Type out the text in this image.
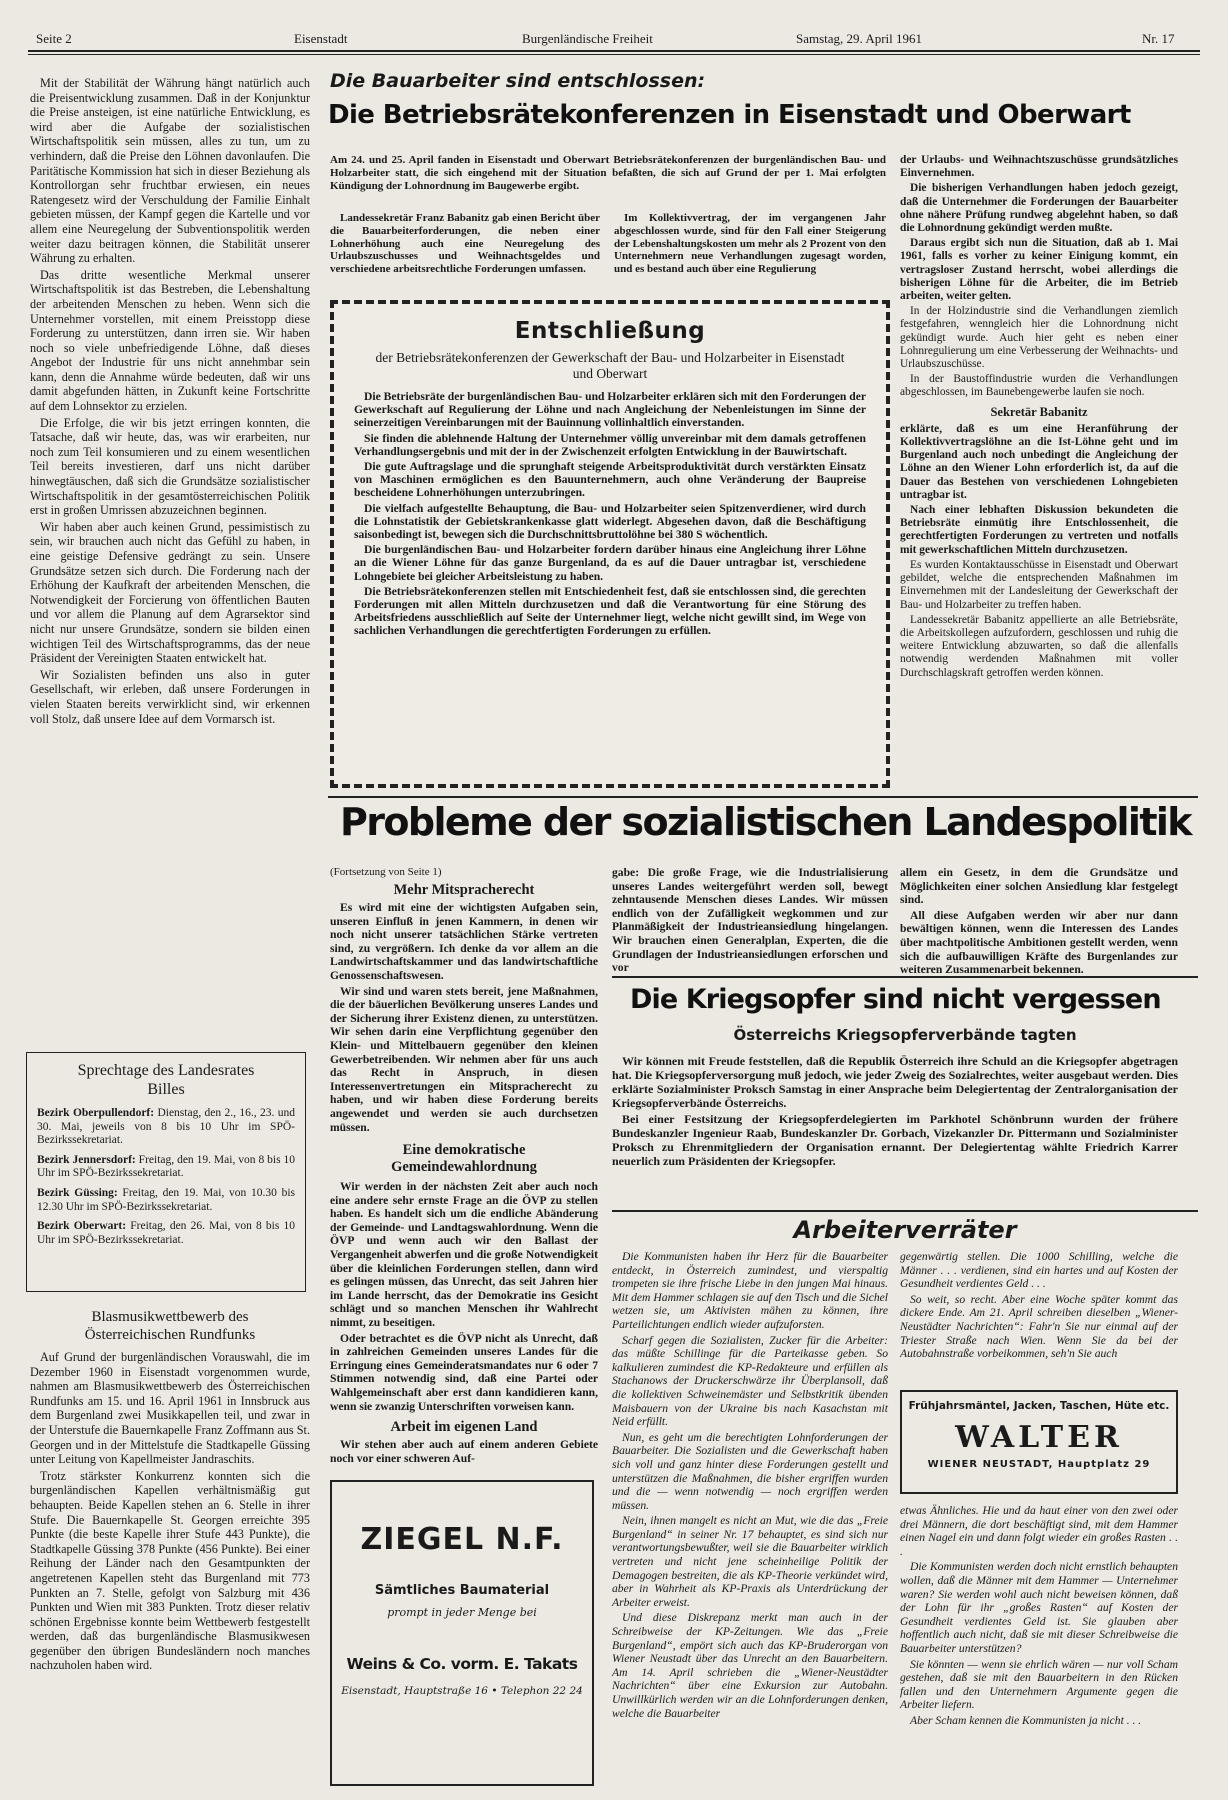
Seite 2	Eisenstadt	Burgenländische Freiheit	Samstag, 29. April 1961	Nr. 17

Mit der Stabilität der Währung hängt natürlich auch die Preisentwicklung zusammen. Daß in der Konjunktur die Preise ansteigen, ist eine natürliche Entwicklung, es wird aber die Aufgabe der sozialistischen Wirtschaftspolitik sein müssen, alles zu tun, um zu verhindern, daß die Preise den Löhnen davonlaufen. Die Paritätische Kommission hat sich in dieser Beziehung als Kontrollorgan sehr fruchtbar erwiesen, ein neues Ratengesetz wird der Verschuldung der Familie Einhalt gebieten müssen, der Kampf gegen die Kartelle und vor allem eine Neuregelung der Subventionspolitik werden weiter dazu beitragen können, die Stabilität unserer Währung zu erhalten.

Das dritte wesentliche Merkmal unserer Wirtschaftspolitik ist das Bestreben, die Lebenshaltung der arbeitenden Menschen zu heben. Wenn sich die Unternehmer vorstellen, mit einem Preisstopp diese Forderung zu unterstützen, dann irren sie. Wir haben noch so viele unbefriedigende Löhne, daß dieses Angebot der Industrie für uns nicht annehmbar sein kann, denn die Annahme würde bedeuten, daß wir uns damit abgefunden hätten, in Zukunft keine Fortschritte auf dem Lohnsektor zu erzielen.

Die Erfolge, die wir bis jetzt erringen konnten, die Tatsache, daß wir heute, das, was wir erarbeiten, nur noch zum Teil konsumieren und zu einem wesentlichen Teil bereits investieren, darf uns nicht darüber hinwegtäuschen, daß sich die Grundsätze sozialistischer Wirtschaftspolitik in der gesamtösterreichischen Politik erst in großen Umrissen abzuzeichnen beginnen.

Wir haben aber auch keinen Grund, pessimistisch zu sein, wir brauchen auch nicht das Gefühl zu haben, in eine geistige Defensive gedrängt zu sein. Unsere Grundsätze setzen sich durch. Die Forderung nach der Erhöhung der Kaufkraft der arbeitenden Menschen, die Notwendigkeit der Forcierung von öffentlichen Bauten und vor allem die Planung auf dem Agrarsektor sind nicht nur unsere Grundsätze, sondern sie bilden einen wichtigen Teil des Wirtschaftsprogramms, das der neue Präsident der Vereinigten Staaten entwickelt hat.

Wir Sozialisten befinden uns also in guter Gesellschaft, wir erleben, daß unsere Forderungen in vielen Staaten bereits verwirklicht sind, wir erkennen voll Stolz, daß unsere Idee auf dem Vormarsch ist.

Sprechtage des Landesrates Billes
Bezirk Oberpullendorf: Dienstag, den 2., 16., 23. und 30. Mai, jeweils von 8 bis 10 Uhr im SPÖ-Bezirkssekretariat.
Bezirk Jennersdorf: Freitag, den 19. Mai, von 8 bis 10 Uhr im SPÖ-Bezirkssekretariat.
Bezirk Güssing: Freitag, den 19. Mai, von 10.30 bis 12.30 Uhr im SPÖ-Bezirkssekretariat.
Bezirk Oberwart: Freitag, den 26. Mai, von 8 bis 10 Uhr im SPÖ-Bezirkssekretariat.
Blasmusikwettbewerb des Österreichischen Rundfunks

Auf Grund der burgenländischen Vorauswahl, die im Dezember 1960 in Eisenstadt vorgenommen wurde, nahmen am Blasmusikwettbewerb des Österreichischen Rundfunks am 15. und 16. April 1961 in Innsbruck aus dem Burgenland zwei Musikkapellen teil, und zwar in der Unterstufe die Bauernkapelle Franz Zoffmann aus St. Georgen und in der Mittelstufe die Stadtkapelle Güssing unter Leitung von Kapellmeister Jandraschits.

Trotz stärkster Konkurrenz konnten sich die burgenländischen Kapellen verhältnismäßig gut behaupten. Beide Kapellen stehen an 6. Stelle in ihrer Stufe. Die Bauernkapelle St. Georgen erreichte 395 Punkte (die beste Kapelle ihrer Stufe 443 Punkte), die Stadtkapelle Güssing 378 Punkte (456 Punkte). Bei einer Reihung der Länder nach den Gesamtpunkten der angetretenen Kapellen steht das Burgenland mit 773 Punkten an 7. Stelle, gefolgt von Salzburg mit 436 Punkten und Wien mit 383 Punkten. Trotz dieser relativ schönen Ergebnisse konnte beim Wettbewerb festgestellt werden, daß das burgenländische Blasmusikwesen gegenüber den übrigen Bundesländern noch manches nachzuholen haben wird.

Die Bauarbeiter sind entschlossen:
Die Betriebsrätekonferenzen in Eisenstadt und Oberwart
Am 24. und 25. April fanden in Eisenstadt und Oberwart Betriebsrätekonferenzen der burgenländischen Bau- und Holzarbeiter statt, die sich eingehend mit der Situation befaßten, die sich auf Grund der per 1. Mai erfolgten Kündigung der Lohnordnung im Baugewerbe ergibt.
Landessekretär Franz Babanitz gab einen Bericht über die Bauarbeiterforderungen, die neben einer Lohnerhöhung auch eine Neuregelung des Urlaubszuschusses und Weihnachtsgeldes und verschiedene arbeitsrechtliche Forderungen umfassen.
Im Kollektivvertrag, der im vergangenen Jahr abgeschlossen wurde, sind für den Fall einer Steigerung der Lebenshaltungskosten um mehr als 2 Prozent von den Unternehmern neue Verhandlungen zugesagt worden, und es bestand auch über eine Regulierung

der Urlaubs- und Weihnachtszuschüsse grundsätzliches Einvernehmen.

Die bisherigen Verhandlungen haben jedoch gezeigt, daß die Unternehmer die Forderungen der Bauarbeiter ohne nähere Prüfung rundweg abgelehnt haben, so daß die Lohnordnung gekündigt werden mußte.

Daraus ergibt sich nun die Situation, daß ab 1. Mai 1961, falls es vorher zu keiner Einigung kommt, ein vertragsloser Zustand herrscht, wobei allerdings die bisherigen Löhne für die Arbeiter, die im Betrieb arbeiten, weiter gelten.

In der Holzindustrie sind die Verhandlungen ziemlich festgefahren, wenngleich hier die Lohnordnung nicht gekündigt wurde. Auch hier geht es neben einer Lohnregulierung um eine Verbesserung der Weihnachts- und Urlaubszuschüsse.

In der Baustoffindustrie wurden die Verhandlungen abgeschlossen, im Baunebengewerbe laufen sie noch.

Sekretär Babanitz

erklärte, daß es um eine Heranführung der Kollektivvertragslöhne an die Ist-Löhne geht und im Burgenland auch noch unbedingt die Angleichung der Löhne an den Wiener Lohn erforderlich ist, da auf die Dauer das Bestehen von verschiedenen Lohngebieten untragbar ist.

Nach einer lebhaften Diskussion bekundeten die Betriebsräte einmütig ihre Entschlossenheit, die gerechtfertigten Forderungen zu vertreten und notfalls mit gewerkschaftlichen Mitteln durchzusetzen.

Es wurden Kontaktausschüsse in Eisenstadt und Oberwart gebildet, welche die entsprechenden Maßnahmen im Einvernehmen mit der Landesleitung der Gewerkschaft der Bau- und Holzarbeiter zu treffen haben.

Landessekretär Babanitz appellierte an alle Betriebsräte, die Arbeitskollegen aufzufordern, geschlossen und ruhig die weitere Entwicklung abzuwarten, so daß die allenfalls notwendig werdenden Maßnahmen mit voller Durchschlagskraft getroffen werden können.

Entschließung
der Betriebsrätekonferenzen der Gewerkschaft der Bau- und Holzarbeiter in Eisenstadt und Oberwart

Die Betriebsräte der burgenländischen Bau- und Holzarbeiter erklären sich mit den Forderungen der Gewerkschaft auf Regulierung der Löhne und nach Angleichung der Nebenleistungen im Sinne der seinerzeitigen Vereinbarungen mit der Bauinnung vollinhaltlich einverstanden.

Sie finden die ablehnende Haltung der Unternehmer völlig unvereinbar mit dem damals getroffenen Verhandlungsergebnis und mit der in der Zwischenzeit erfolgten Entwicklung in der Bauwirtschaft.

Die gute Auftragslage und die sprunghaft steigende Arbeitsproduktivität durch verstärkten Einsatz von Maschinen ermöglichen es den Bauunternehmern, auch ohne Veränderung der Baupreise bescheidene Lohnerhöhungen unterzubringen.

Die vielfach aufgestellte Behauptung, die Bau- und Holzarbeiter seien Spitzenverdiener, wird durch die Lohnstatistik der Gebietskrankenkasse glatt widerlegt. Abgesehen davon, daß die Beschäftigung saisonbedingt ist, bewegen sich die Durchschnittsbruttolöhne bei 380 S wöchentlich.

Die burgenländischen Bau- und Holzarbeiter fordern darüber hinaus eine Angleichung ihrer Löhne an die Wiener Löhne für das ganze Burgenland, da es auf die Dauer untragbar ist, verschiedene Lohngebiete bei gleicher Arbeitsleistung zu haben.

Die Betriebsrätekonferenzen stellen mit Entschiedenheit fest, daß sie entschlossen sind, die gerechten Forderungen mit allen Mitteln durchzusetzen und daß die Verantwortung für eine Störung des Arbeitsfriedens ausschließlich auf Seite der Unternehmer liegt, welche nicht gewillt sind, im Wege von sachlichen Verhandlungen die gerechtfertigten Forderungen zu erfüllen.

Probleme der sozialistischen Landespolitik
(Fortsetzung von Seite 1)
Mehr Mitspracherecht

Es wird mit eine der wichtigsten Aufgaben sein, unseren Einfluß in jenen Kammern, in denen wir noch nicht unserer tatsächlichen Stärke vertreten sind, zu vergrößern. Ich denke da vor allem an die Landwirtschaftskammer und das landwirtschaftliche Genossenschaftswesen.

Wir sind und waren stets bereit, jene Maßnahmen, die der bäuerlichen Bevölkerung unseres Landes und der Sicherung ihrer Existenz dienen, zu unterstützen. Wir sehen darin eine Verpflichtung gegenüber den Klein- und Mittelbauern gegenüber den kleinen Gewerbetreibenden. Wir nehmen aber für uns auch das Recht in Anspruch, in diesen Interessenvertretungen ein Mitspracherecht zu haben, und wir haben diese Forderung bereits angewendet und werden sie auch durchsetzen müssen.

Eine demokratische Gemeindewahlordnung

Wir werden in der nächsten Zeit aber auch noch eine andere sehr ernste Frage an die ÖVP zu stellen haben. Es handelt sich um die endliche Abänderung der Gemeinde- und Landtagswahlordnung. Wenn die ÖVP und wenn auch wir den Ballast der Vergangenheit abwerfen und die große Notwendigkeit über die kleinlichen Forderungen stellen, dann wird es gelingen müssen, das Unrecht, das seit Jahren hier im Lande herrscht, das der Demokratie ins Gesicht schlägt und so manchen Menschen ihr Wahlrecht nimmt, zu beseitigen.

Oder betrachtet es die ÖVP nicht als Unrecht, daß in zahlreichen Gemeinden unseres Landes für die Erringung eines Gemeinderatsmandates nur 6 oder 7 Stimmen notwendig sind, daß eine Partei oder Wahlgemeinschaft aber erst dann kandidieren kann, wenn sie zwanzig Unterschriften vorweisen kann.

Arbeit im eigenen Land
Wir stehen aber auch auf einem anderen Gebiete noch vor einer schweren Auf-
gabe: Die große Frage, wie die Industrialisierung unseres Landes weitergeführt werden soll, bewegt zehntausende Menschen dieses Landes. Wir müssen endlich von der Zufälligkeit wegkommen und zur Planmäßigkeit der Industrieansiedlung hingelangen. Wir brauchen einen Generalplan, Experten, die die Grundlagen der Industrieansiedlungen erforschen und vor

allem ein Gesetz, in dem die Grundsätze und Möglichkeiten einer solchen Ansiedlung klar festgelegt sind.

All diese Aufgaben werden wir aber nur dann bewältigen können, wenn die Interessen des Landes über machtpolitische Ambitionen gestellt werden, wenn sich die aufbauwilligen Kräfte des Burgenlandes zur weiteren Zusammenarbeit bekennen.

ZIEGEL N.F.
Sämtliches Baumaterial
prompt in jeder Menge bei
Weins & Co. vorm. E. Takats
Eisenstadt, Hauptstraße 16 • Telephon 22 24
Die Kriegsopfer sind nicht vergessen
Österreichs Kriegsopferverbände tagten

Wir können mit Freude feststellen, daß die Republik Österreich ihre Schuld an die Kriegsopfer abgetragen hat. Die Kriegsopferversorgung muß jedoch, wie jeder Zweig des Sozialrechtes, weiter ausgebaut werden. Dies erklärte Sozialminister Proksch Samstag in einer Ansprache beim Delegiertentag der Zentralorganisation der Kriegsopferverbände Österreichs.

Bei einer Festsitzung der Kriegsopferdelegierten im Parkhotel Schönbrunn wurden der frühere Bundeskanzler Ingenieur Raab, Bundeskanzler Dr. Gorbach, Vizekanzler Dr. Pittermann und Sozialminister Proksch zu Ehrenmitgliedern der Organisation ernannt. Der Delegiertentag wählte Friedrich Karrer neuerlich zum Präsidenten der Kriegsopfer.

Arbeiterverräter

Die Kommunisten haben ihr Herz für die Bauarbeiter entdeckt, in Österreich zumindest, und vierspaltig trompeten sie ihre frische Liebe in den jungen Mai hinaus. Mit dem Hammer schlagen sie auf den Tisch und die Sichel wetzen sie, um Aktivisten mähen zu können, ihre Parteilichtungen endlich wieder aufzuforsten.

Scharf gegen die Sozialisten, Zucker für die Arbeiter: das müßte Schillinge für die Parteikasse geben. So kalkulieren zumindest die KP-Redakteure und erfüllen als Stachanows der Druckerschwärze ihr Überplansoll, daß die kollektiven Schweinemäster und Selbstkritik übenden Maisbauern von der Ukraine bis nach Kasachstan mit Neid erfüllt.

Nun, es geht um die berechtigten Lohnforderungen der Bauarbeiter. Die Sozialisten und die Gewerkschaft haben sich voll und ganz hinter diese Forderungen gestellt und unterstützen die Maßnahmen, die bisher ergriffen wurden und die — wenn notwendig — noch ergriffen werden müssen.

Nein, ihnen mangelt es nicht an Mut, wie die das „Freie Burgenland“ in seiner Nr. 17 behauptet, es sind sich nur verantwortungsbewußter, weil sie die Bauarbeiter wirklich vertreten und nicht jene scheinheilige Politik der Demagogen bestreiten, die als KP-Theorie verkündet wird, aber in Wahrheit als KP-Praxis als Unterdrückung der Arbeiter erweist.

Und diese Diskrepanz merkt man auch in der Schreibweise der KP-Zeitungen. Wie das „Freie Burgenland“, empört sich auch das KP-Bruderorgan von Wiener Neustadt über das Unrecht an den Bauarbeitern. Am 14. April schrieben die „Wiener-Neustädter Nachrichten“ über eine Exkursion zur Autobahn. Unwillkürlich werden wir an die Lohnforderungen denken, welche die Bauarbeiter

gegenwärtig stellen. Die 1000 Schilling, welche die Männer . . . verdienen, sind ein hartes und auf Kosten der Gesundheit verdientes Geld . . .

So weit, so recht. Aber eine Woche später kommt das dickere Ende. Am 21. April schreiben dieselben „Wiener-Neustädter Nachrichten“: Fahr'n Sie nur einmal auf der Triester Straße nach Wien. Wenn Sie da bei der Autobahnstraße vorbeikommen, seh'n Sie auch

Frühjahrsmäntel, Jacken, Taschen, Hüte etc.
WALTER
WIENER NEUSTADT, Hauptplatz 29

etwas Ähnliches. Hie und da haut einer von den zwei oder drei Männern, die dort beschäftigt sind, mit dem Hammer einen Nagel ein und dann folgt wieder ein großes Rasten . . .

Die Kommunisten werden doch nicht ernstlich behaupten wollen, daß die Männer mit dem Hammer — Unternehmer waren? Sie werden wohl auch nicht beweisen können, daß der Lohn für ihr „großes Rasten“ auf Kosten der Gesundheit verdientes Geld ist. Sie glauben aber hoffentlich auch nicht, daß sie mit dieser Schreibweise die Bauarbeiter unterstützen?

Sie könnten — wenn sie ehrlich wären — nur voll Scham gestehen, daß sie mit den Bauarbeitern in den Rücken fallen und den Unternehmern Argumente gegen die Arbeiter liefern.

Aber Scham kennen die Kommunisten ja nicht . . .
